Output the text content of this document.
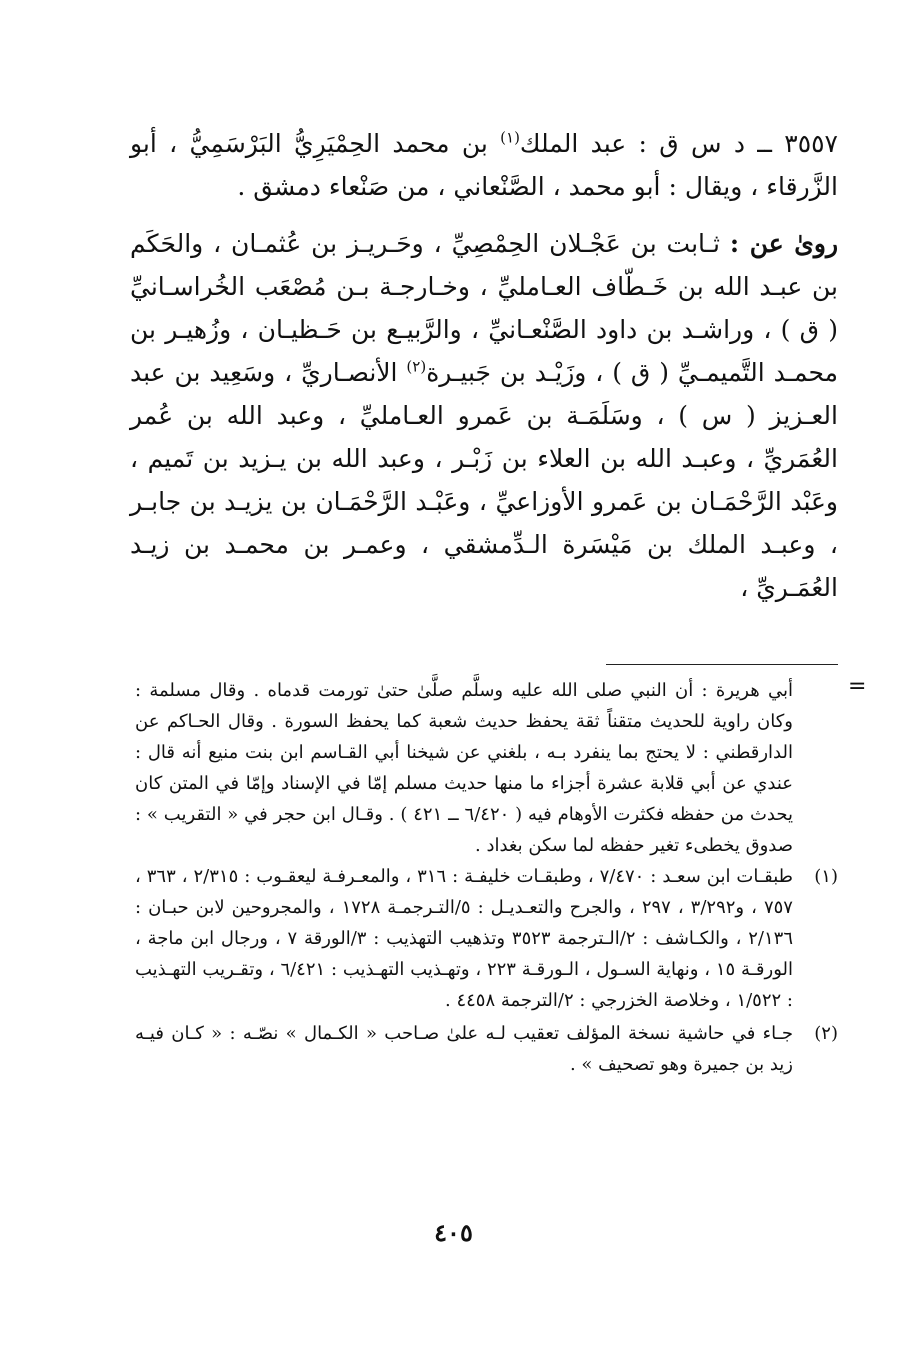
٣٥٥٧ ــ د س ق : عبد الملك$^{(١)}$ بن محمد الحِمْيَرِيُّ البَرْسَمِيُّ ، أبو الزَّرقاء ، ويقال : أبو محمد ، الصَّنْعاني ، من صَنْعاء دمشق .

روىٰ عن : ثـابت بن عَجْـلان الحِمْصِيِّ ، وحَـريـز بن عُثمـان ، والحَكَم بن عبـد الله بن خَـطّاف العـامليِّ ، وخـارجـة بـن مُصْعَب الخُراسـانيِّ ( ق ) ، وراشـد بن داود الصَّنْعـانيِّ ، والرَّبيـع بن حَـظيـان ، وزُهيـر بن محمـد التَّميمـيِّ ( ق ) ، وزَيْـد بن جَبيـرة$^{(٢)}$ الأنصـاريِّ ، وسَعِيد بن عبد العـزيز ( س ) ، وسَلَمَـة بن عَمرو العـامليِّ ، وعبد الله بن عُمر العُمَريِّ ، وعبـد الله بن العلاء بن زَبْـر ، وعبد الله بن يـزيد بن تَميم ، وعَبْد الرَّحْمَـان بن عَمرو الأوزاعيِّ ، وعَبْـد الرَّحْمَـان بن يزيـد بن جابـر ، وعبـد الملك بن مَيْسَرة الـدِّمشقي ، وعمـر بن محمـد بن زيـد العُمَـريِّ ،

=

أبي هريرة : أن النبي صلى الله عليه وسلَّم صلَّىٰ حتىٰ تورمت قدماه . وقال مسلمة : وكان راوية للحديث متقناً ثقة يحفظ حديث شعبة كما يحفظ السورة . وقال الحـاكم عن الدارقطني : لا يحتج بما ينفرد بـه ، بلغني عن شيخنا أبي القـاسم ابن بنت منيع أنه قال : عندي عن أبي قلابة عشرة أجزاء ما منها حديث مسلم إمّا في الإسناد وإمّا في المتن كان يحدث من حفظه فكثرت الأوهام فيه ( ٦/٤٢٠ ــ ٤٢١ ) . وقـال ابن حجر في « التقريب » : صدوق يخطىء تغير حفظه لما سكن بغداد .

(١)
طبقـات ابن سعـد : ٧/٤٧٠ ، وطبقـات خليفـة : ٣١٦ ، والمعـرفـة ليعقـوب : ٢/٣١٥ ، ٣٦٣ ، ٧٥٧ ، و٣/٢٩٢ ، ٢٩٧ ، والجرح والتعـديـل : ٥/التـرجمـة ١٧٢٨ ، والمجروحين لابن حبـان : ٢/١٣٦ ، والكـاشف : ٢/الـترجمة ٣٥٢٣ وتذهيب التهذيب : ٣/الورقة ٧ ، ورجال ابن ماجة ، الورقـة ١٥ ، ونهاية السـول ، الـورقـة ٢٢٣ ، وتهـذيب التهـذيب : ٦/٤٢١ ، وتقـريب التهـذيب : ١/٥٢٢ ، وخلاصة الخزرجي : ٢/الترجمة ٤٤٥٨ .
(٢)
جـاء في حاشية نسخة المؤلف تعقيب لـه علىٰ صـاحب « الكـمال » نصّـه : « كـان فيـه زيد بن جميرة وهو تصحيف » .
٤٠٥
